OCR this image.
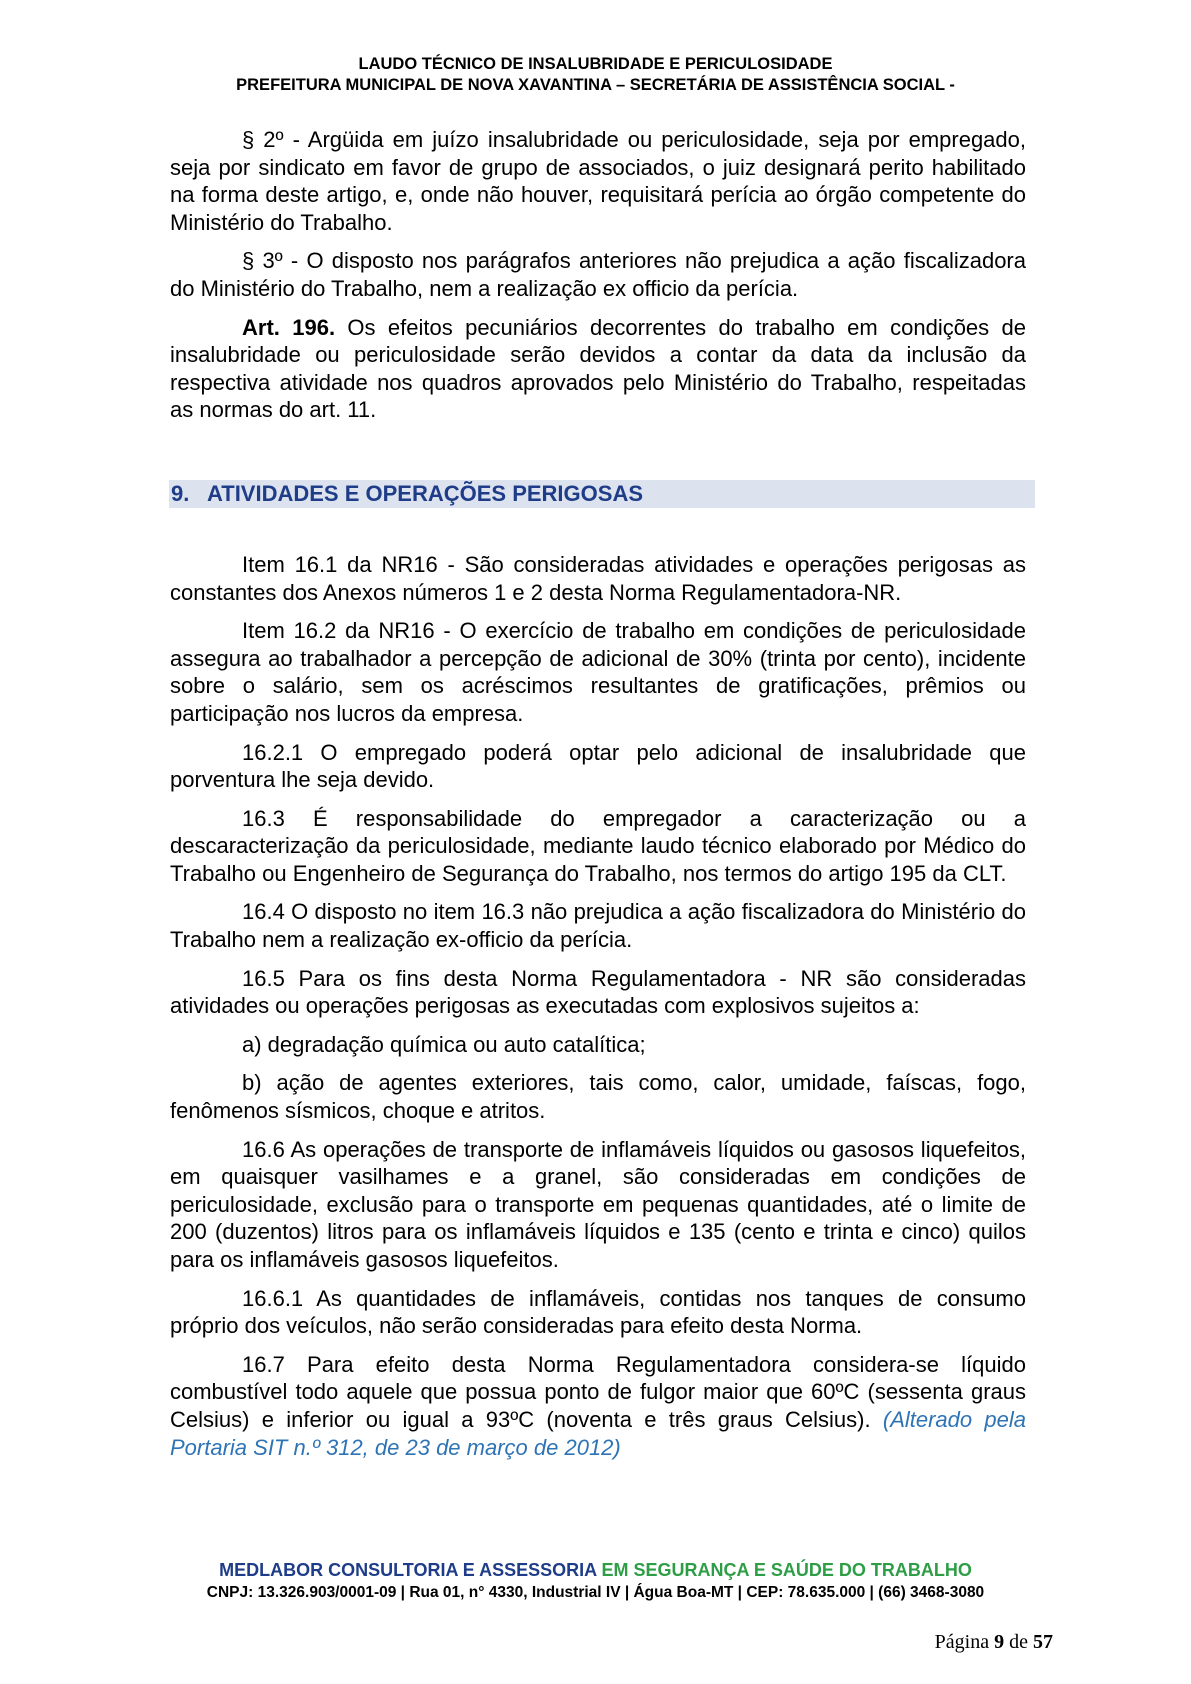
LAUDO TÉCNICO DE INSALUBRIDADE E PERICULOSIDADE
PREFEITURA MUNICIPAL DE NOVA XAVANTINA – SECRETÁRIA DE ASSISTÊNCIA SOCIAL -

§ 2º - Argüida em juízo insalubridade ou periculosidade, seja por empregado, seja por sindicato em favor de grupo de associados, o juiz designará perito habilitado na forma deste artigo, e, onde não houver, requisitará perícia ao órgão competente do Ministério do Trabalho.

§ 3º - O disposto nos parágrafos anteriores não prejudica a ação fiscalizadora do Ministério do Trabalho, nem a realização ex officio da perícia.

Art. 196. Os efeitos pecuniários decorrentes do trabalho em condições de insalubridade ou periculosidade serão devidos a contar da data da inclusão da respectiva atividade nos quadros aprovados pelo Ministério do Trabalho, respeitadas as normas do art. 11.

9. ATIVIDADES E OPERAÇÕES PERIGOSAS

Item 16.1 da NR16 - São consideradas atividades e operações perigosas as constantes dos Anexos números 1 e 2 desta Norma Regulamentadora-NR.

Item 16.2 da NR16 - O exercício de trabalho em condições de periculosidade assegura ao trabalhador a percepção de adicional de 30% (trinta por cento), incidente sobre o salário, sem os acréscimos resultantes de gratificações, prêmios ou participação nos lucros da empresa.

16.2.1 O empregado poderá optar pelo adicional de insalubridade que porventura lhe seja devido.

16.3 É responsabilidade do empregador a caracterização ou a descaracterização da periculosidade, mediante laudo técnico elaborado por Médico do Trabalho ou Engenheiro de Segurança do Trabalho, nos termos do artigo 195 da CLT.

16.4 O disposto no item 16.3 não prejudica a ação fiscalizadora do Ministério do Trabalho nem a realização ex-officio da perícia.

16.5 Para os fins desta Norma Regulamentadora - NR são consideradas atividades ou operações perigosas as executadas com explosivos sujeitos a:

a) degradação química ou auto catalítica;

b) ação de agentes exteriores, tais como, calor, umidade, faíscas, fogo, fenômenos sísmicos, choque e atritos.

16.6 As operações de transporte de inflamáveis líquidos ou gasosos liquefeitos, em quaisquer vasilhames e a granel, são consideradas em condições de periculosidade, exclusão para o transporte em pequenas quantidades, até o limite de 200 (duzentos) litros para os inflamáveis líquidos e 135 (cento e trinta e cinco) quilos para os inflamáveis gasosos liquefeitos.

16.6.1 As quantidades de inflamáveis, contidas nos tanques de consumo próprio dos veículos, não serão consideradas para efeito desta Norma.

16.7 Para efeito desta Norma Regulamentadora considera-se líquido combustível todo aquele que possua ponto de fulgor maior que 60ºC (sessenta graus Celsius) e inferior ou igual a 93ºC (noventa e três graus Celsius). (Alterado pela Portaria SIT n.º 312, de 23 de março de 2012)

MEDLABOR CONSULTORIA E ASSESSORIA EM SEGURANÇA E SAÚDE DO TRABALHO
CNPJ: 13.326.903/0001-09 | Rua 01, n° 4330, Industrial IV | Água Boa-MT | CEP: 78.635.000 | (66) 3468-3080
Página 9 de 57
